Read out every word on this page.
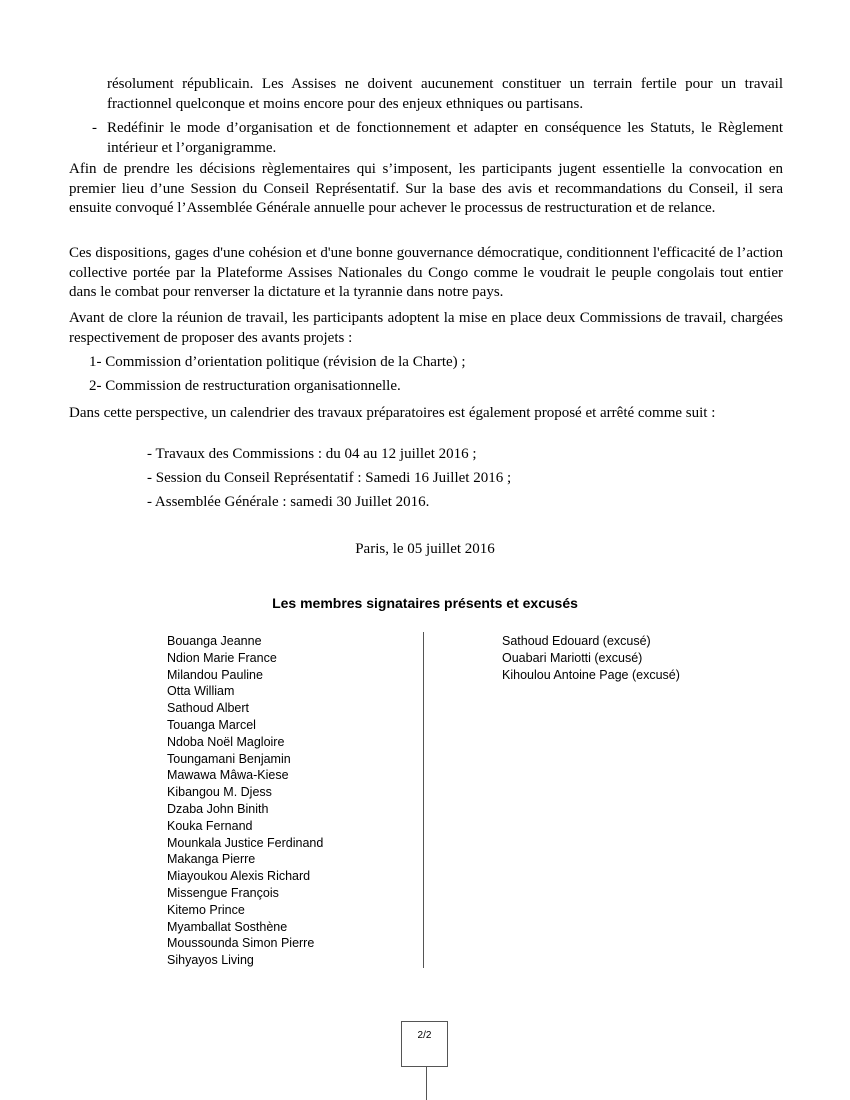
résolument républicain. Les Assises ne doivent aucunement constituer un terrain fertile pour un travail fractionnel quelconque et moins encore pour des enjeux ethniques ou partisans.
- Redéfinir le mode d’organisation et de fonctionnement et adapter en conséquence les Statuts, le Règlement intérieur et l’organigramme.
Afin de prendre les décisions règlementaires qui s’imposent, les participants jugent essentielle la convocation en premier lieu d’une Session du Conseil Représentatif. Sur la base des avis et recommandations du Conseil, il sera ensuite convoqué l’Assemblée Générale annuelle pour achever le processus de restructuration et de relance.
Ces dispositions, gages d'une cohésion et d'une bonne gouvernance démocratique, conditionnent l'efficacité de l’action collective portée par la Plateforme Assises Nationales du Congo comme le voudrait le peuple congolais tout entier dans le combat pour renverser la dictature et la tyrannie dans notre pays.
Avant de clore la réunion de travail, les participants adoptent la mise en place deux Commissions de travail, chargées respectivement de proposer des avants projets :
1- Commission d’orientation politique (révision de la Charte) ;
2- Commission de restructuration organisationnelle.
Dans cette perspective, un calendrier des travaux préparatoires est également proposé et arrêté comme suit :
- Travaux des Commissions : du 04 au 12 juillet 2016 ;
- Session du Conseil Représentatif : Samedi 16 Juillet 2016 ;
- Assemblée Générale : samedi 30 Juillet 2016.
Paris, le 05 juillet 2016
Les membres signataires présents et excusés
Bouanga Jeanne
Ndion Marie France
Milandou Pauline
Otta William
Sathoud Albert
Touanga Marcel
Ndoba Noël Magloire
Toungamani Benjamin
Mawawa Mâwa-Kiese
Kibangou M. Djess
Dzaba John Binith
Kouka Fernand
Mounkala Justice Ferdinand
Makanga Pierre
Miayoukou Alexis Richard
Missengue François
Kitemo Prince
Myamballat Sosthène
Moussounda Simon Pierre
Sihyayos Living
Sathoud Edouard (excusé)
Ouabari Mariotti (excusé)
Kihoulou Antoine Page (excusé)
2/2
